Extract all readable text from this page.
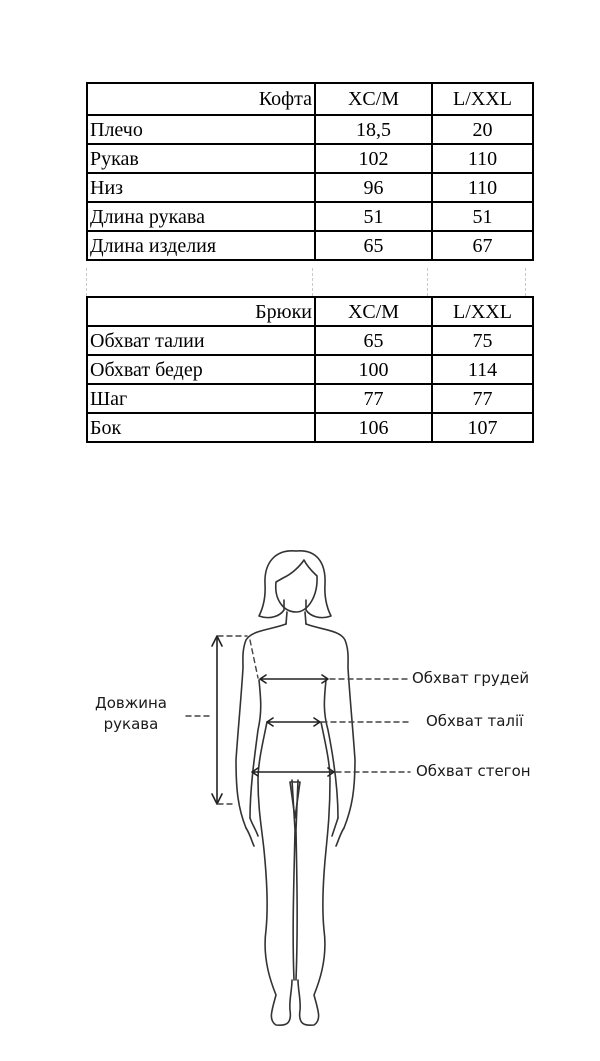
Кофта	XC/M	L/XXL
Плечо	18,5	20
Рукав	102	110
Низ	96	110
Длина рукава	51	51
Длина изделия	65	67
Брюки	XC/M	L/XXL
Обхват талии	65	75
Обхват бедер	100	114
Шаг	77	77
Бок	106	107
Довжина
рукава
Обхват грудей
Обхват талії
Обхват стегон
